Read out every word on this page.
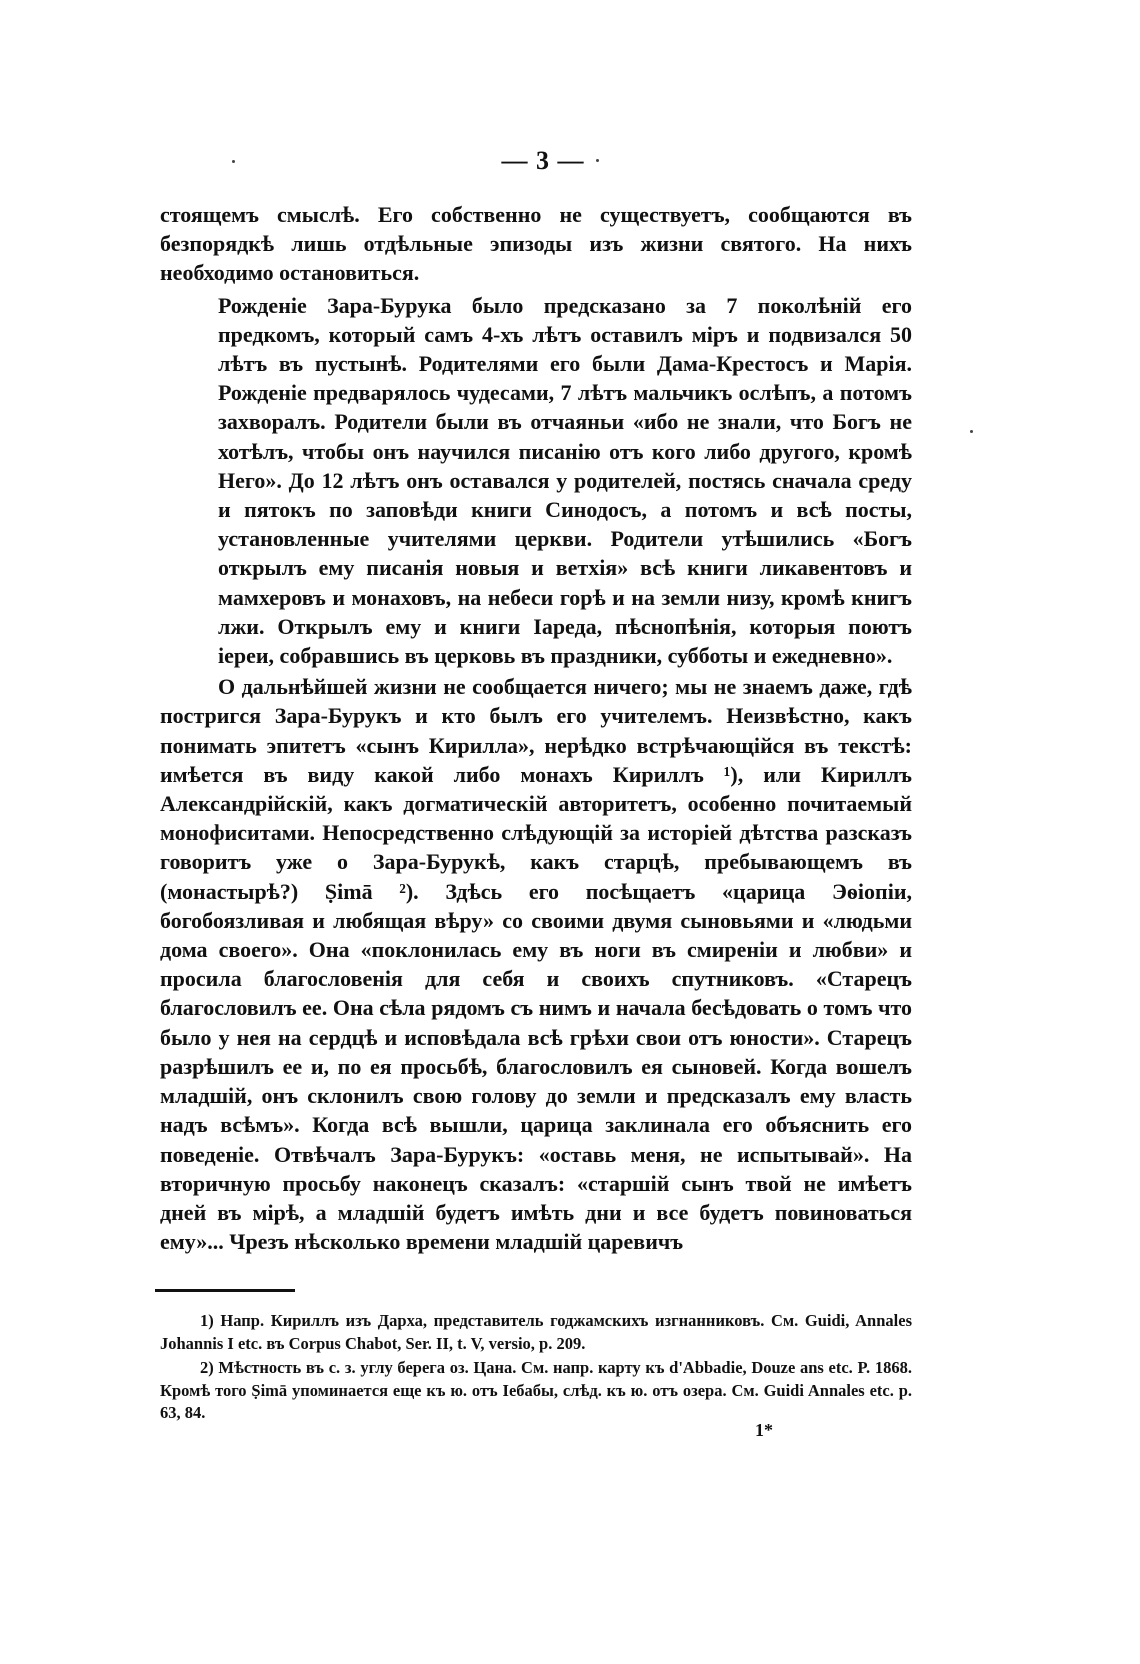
— 3 —

стоящемъ смыслѣ. Его собственно не существуетъ, сообщаются въ безпорядкѣ лишь отдѣльные эпизоды изъ жизни святого. На нихъ необходимо остановиться.

Рожденіе Зара-Бурука было предсказано за 7 поколѣній его предкомъ, который самъ 4-хъ лѣтъ оставилъ міръ и подвизался 50 лѣтъ въ пустынѣ. Родителями его были Дама-Крестосъ и Марія. Рожденіе предварялось чудесами, 7 лѣтъ мальчикъ ослѣпъ, а потомъ захворалъ. Родители были въ отчаяньи «ибо не знали, что Богъ не хотѣлъ, чтобы онъ научился писанію отъ кого либо другого, кромѣ Него». До 12 лѣтъ онъ оставался у родителей, постясь сначала среду и пятокъ по заповѣди книги Синодосъ, а потомъ и всѣ посты, установленные учителями церкви. Родители утѣшились «Богъ открылъ ему писанія новыя и ветхія» всѣ книги ликавентовъ и мамхеровъ и монаховъ, на небеси горѣ и на земли низу, кромѣ книгъ лжи. Открылъ ему и книги Іареда, пѣснопѣнія, которыя поютъ іереи, собравшись въ церковь въ праздники, субботы и ежедневно».

О дальнѣйшей жизни не сообщается ничего; мы не знаемъ даже, гдѣ постригся Зара-Бурукъ и кто былъ его учителемъ. Неизвѣстно, какъ понимать эпитетъ «сынъ Кирилла», нерѣдко встрѣчающійся въ текстѣ: имѣется въ виду какой либо монахъ Кириллъ ¹), или Кириллъ Александрійскій, какъ догматическій авторитетъ, особенно почитаемый монофиситами. Непосредственно слѣдующій за исторіей дѣтства разсказъ говоритъ уже о Зара-Бурукѣ, какъ старцѣ, пребывающемъ въ (монастырѣ?) Ṣimā ²). Здѣсь его посѣщаетъ «царица Эѳіопіи, богобоязливая и любящая вѣру» со своими двумя сыновьями и «людьми дома своего». Она «поклонилась ему въ ноги въ смиреніи и любви» и просила благословенія для себя и своихъ спутниковъ. «Старецъ благословилъ ее. Она сѣла рядомъ съ нимъ и начала бесѣдовать о томъ что было у нея на сердцѣ и исповѣдала всѣ грѣхи свои отъ юности». Старецъ разрѣшилъ ее и, по ея просьбѣ, благословилъ ея сыновей. Когда вошелъ младшій, онъ склонилъ свою голову до земли и предсказалъ ему власть надъ всѣмъ». Когда всѣ вышли, царица заклинала его объяснить его поведеніе. Отвѣчалъ Зара-Бурукъ: «оставь меня, не испытывай». На вторичную просьбу наконецъ сказалъ: «старшій сынъ твой не имѣетъ дней въ мірѣ, а младшій будетъ имѣть дни и все будетъ повиноваться ему»... Чрезъ нѣсколько времени младшій царевичъ

1) Напр. Кириллъ изъ Дарха, представитель годжамскихъ изгнанниковъ. См. Guidi, Annales Johannis I etc. въ Corpus Chabot, Ser. II, t. V, versio, p. 209.

2) Мѣстность въ с. з. углу берега оз. Цана. См. напр. карту къ d'Abbadie, Douze ans etc. P. 1868. Кромѣ того Ṣimā упоминается еще къ ю. отъ Іебабы, слѣд. къ ю. отъ озера. См. Guidi Annales etc. p. 63, 84.

1*
